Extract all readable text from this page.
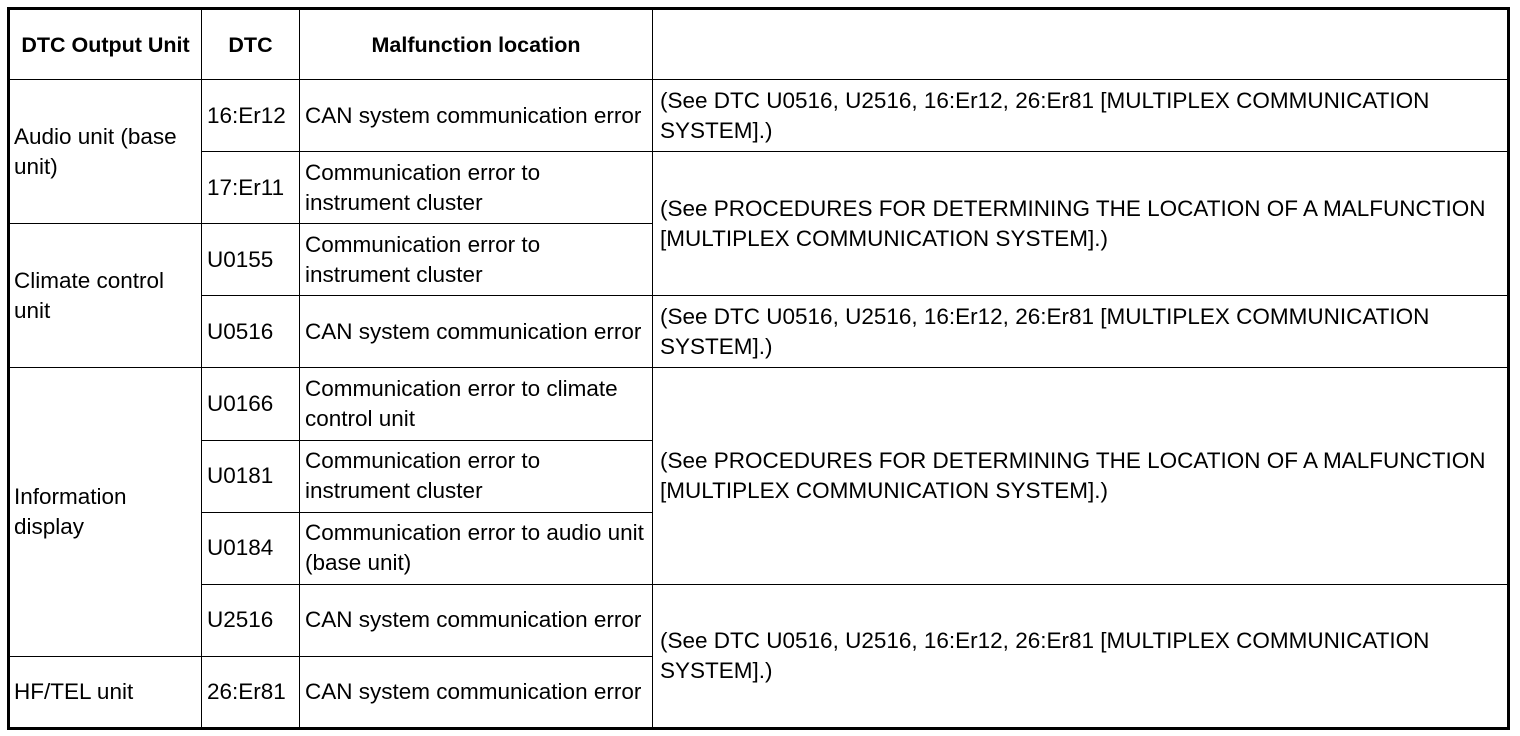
DTC Output Unit	DTC	Malfunction location	
Audio unit (base unit)	16:Er12	CAN system communication error	(See DTC U0516, U2516, 16:Er12, 26:Er81 [MULTIPLEX COMMUNICATION SYSTEM].)
	17:Er11	Communication error to instrument cluster	(See PROCEDURES FOR DETERMINING THE LOCATION OF A MALFUNCTION [MULTIPLEX COMMUNICATION SYSTEM].)
Climate control unit	U0155	Communication error to instrument cluster	
	U0516	CAN system communication error	(See DTC U0516, U2516, 16:Er12, 26:Er81 [MULTIPLEX COMMUNICATION SYSTEM].)
Information display	U0166	Communication error to climate control unit	(See PROCEDURES FOR DETERMINING THE LOCATION OF A MALFUNCTION [MULTIPLEX COMMUNICATION SYSTEM].)
	U0181	Communication error to instrument cluster	
	U0184	Communication error to audio unit (base unit)	
	U2516	CAN system communication error	(See DTC U0516, U2516, 16:Er12, 26:Er81 [MULTIPLEX COMMUNICATION SYSTEM].)
HF/TEL unit	26:Er81	CAN system communication error	
